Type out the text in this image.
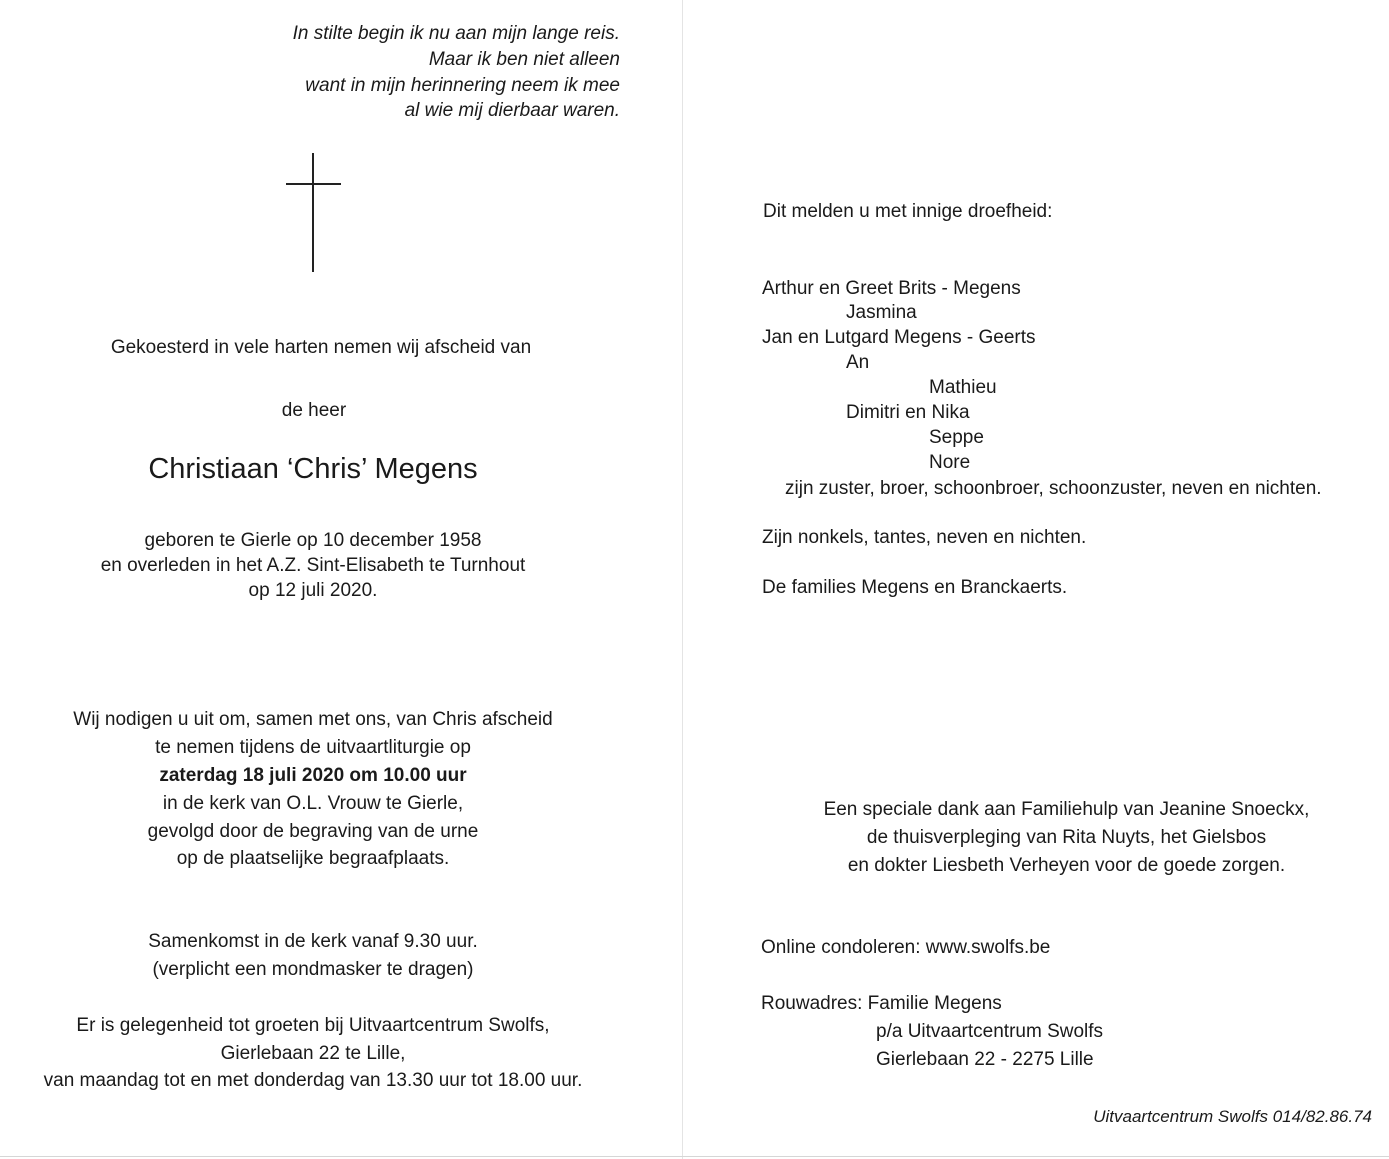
In stilte begin ik nu aan mijn lange reis.
Maar ik ben niet alleen
want in mijn herinnering neem ik mee
al wie mij dierbaar waren.
Gekoesterd in vele harten nemen wij afscheid van
de heer
Christiaan ‘Chris’ Megens
geboren te Gierle op 10 december 1958
en overleden in het A.Z. Sint-Elisabeth te Turnhout
op 12 juli 2020.
Wij nodigen u uit om, samen met ons, van Chris afscheid
te nemen tijdens de uitvaartliturgie op
zaterdag 18 juli 2020 om 10.00 uur
in de kerk van O.L. Vrouw te Gierle,
gevolgd door de begraving van de urne
op de plaatselijke begraafplaats.
Samenkomst in de kerk vanaf 9.30 uur.
(verplicht een mondmasker te dragen)
Er is gelegenheid tot groeten bij Uitvaartcentrum Swolfs,
Gierlebaan 22 te Lille,
van maandag tot en met donderdag van 13.30 uur tot 18.00 uur.
Dit melden u met innige droefheid:
Arthur en Greet Brits - Megens
Jasmina
Jan en Lutgard Megens - Geerts
An
Mathieu
Dimitri en Nika
Seppe
Nore
zijn zuster, broer, schoonbroer, schoonzuster, neven en nichten.
Zijn nonkels, tantes, neven en nichten.
De families Megens en Branckaerts.
Een speciale dank aan Familiehulp van Jeanine Snoeckx,
de thuisverpleging van Rita Nuyts, het Gielsbos
en dokter Liesbeth Verheyen voor de goede zorgen.
Online condoleren: www.swolfs.be
Rouwadres: Familie Megens
p/a Uitvaartcentrum Swolfs
Gierlebaan 22 - 2275 Lille
Uitvaartcentrum Swolfs 014/82.86.74
